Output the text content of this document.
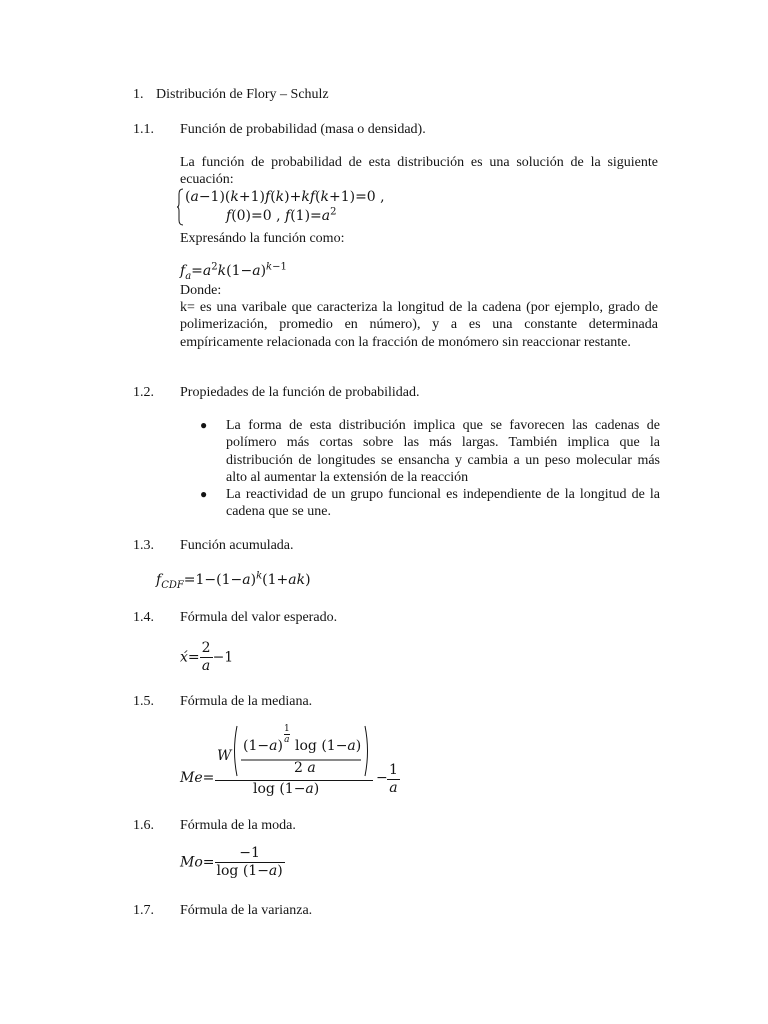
1. Distribución de Flory – Schulz
1.1. Función de probabilidad (masa o densidad).
La función de probabilidad de esta distribución es una solución de la siguiente ecuación:
(a−1)(k+1)f(k)+kf(k+1)=0 ,
f(0)=0 , $f(1)=a^2$
Expresándo la función como:
$f_a=a^2k(1-a)^{k-1}$
Donde:
k= es una varibale que caracteriza la longitud de la cadena (por ejemplo, grado de polimerización, promedio en número), y a es una constante determinada empíricamente relacionada con la fracción de monómero sin reaccionar restante.
1.2. Propiedades de la función de probabilidad.
● La forma de esta distribución implica que se favorecen las cadenas de polímero más cortas sobre las más largas. También implica que la distribución de longitudes se ensancha y cambia a un peso molecular más alto al aumentar la extensión de la reacción
● La reactividad de un grupo funcional es independiente de la longitud de la cadena que se une.
1.3. Función acumulada.
$f_{CDF}=1-(1-a)^k(1+ak)$
1.4. Fórmula del valor esperado.
x́= $\frac{2}{a} -1$
1.5. Fórmula de la mediana.
Me=
W
(1−a)
1
a log (1−a)
2 a
log (1−a)
− $\frac{1}{a}$
1.6. Fórmula de la moda.
$Mo= \frac{-1}{\log (1-a)}$
1.7. Fórmula de la varianza.
